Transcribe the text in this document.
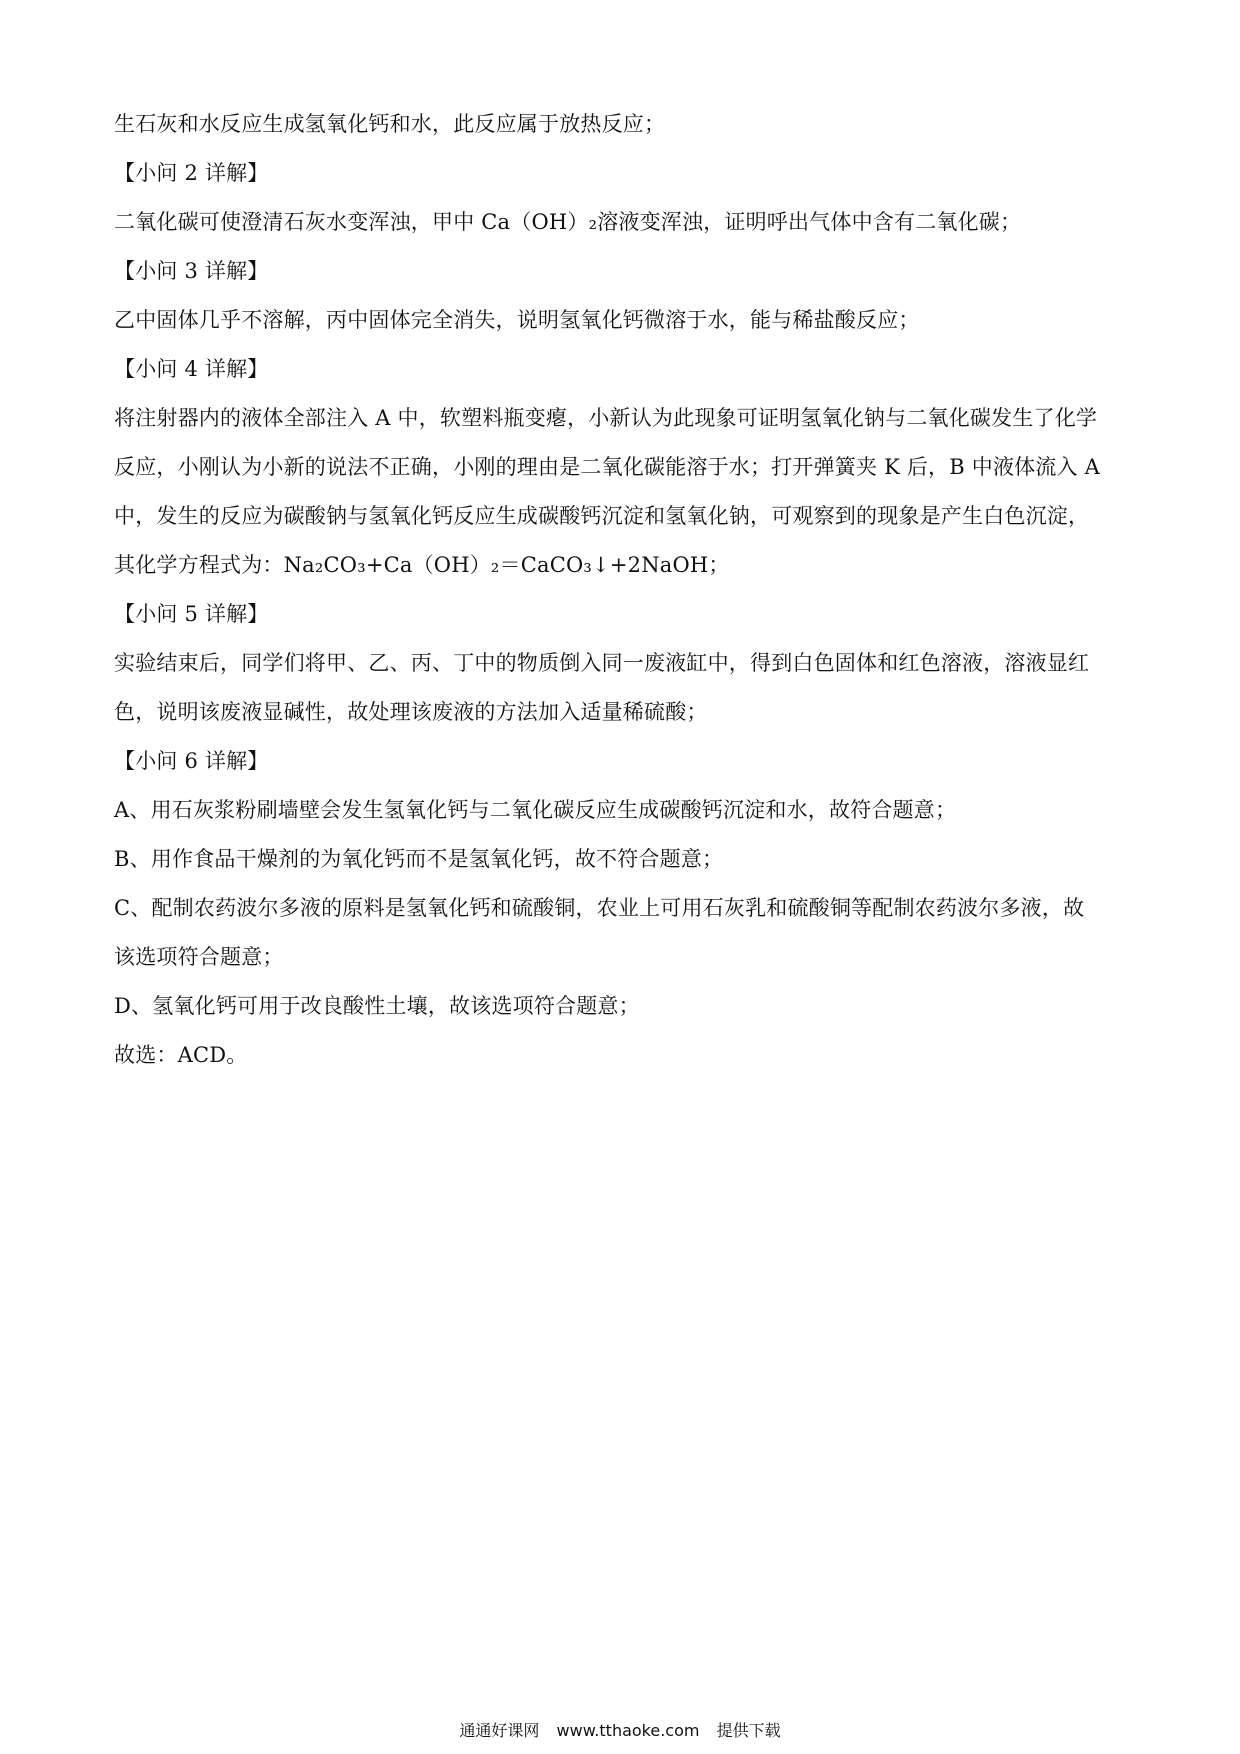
生石灰和水反应生成氢氧化钙和水，此反应属于放热反应；
【小问 2 详解】
二氧化碳可使澄清石灰水变浑浊，甲中 Ca（OH）₂溶液变浑浊，证明呼出气体中含有二氧化碳；
【小问 3 详解】
乙中固体几乎不溶解，丙中固体完全消失，说明氢氧化钙微溶于水，能与稀盐酸反应；
【小问 4 详解】
将注射器内的液体全部注入 A 中，软塑料瓶变瘪，小新认为此现象可证明氢氧化钠与二氧化碳发生了化学
反应，小刚认为小新的说法不正确，小刚的理由是二氧化碳能溶于水；打开弹簧夹 K 后，B 中液体流入 A
中，发生的反应为碳酸钠与氢氧化钙反应生成碳酸钙沉淀和氢氧化钠，可观察到的现象是产生白色沉淀，
其化学方程式为：Na₂CO₃+Ca（OH）₂＝CaCO₃↓+2NaOH；
【小问 5 详解】
实验结束后，同学们将甲、乙、丙、丁中的物质倒入同一废液缸中，得到白色固体和红色溶液，溶液显红
色，说明该废液显碱性，故处理该废液的方法加入适量稀硫酸；
【小问 6 详解】
A、用石灰浆粉刷墙壁会发生氢氧化钙与二氧化碳反应生成碳酸钙沉淀和水，故符合题意；
B、用作食品干燥剂的为氧化钙而不是氢氧化钙，故不符合题意；
C、配制农药波尔多液的原料是氢氧化钙和硫酸铜，农业上可用石灰乳和硫酸铜等配制农药波尔多液，故
该选项符合题意；
D、氢氧化钙可用于改良酸性土壤，故该选项符合题意；
故选：ACD。
通通好课网 www.tthaoke.com 提供下载
